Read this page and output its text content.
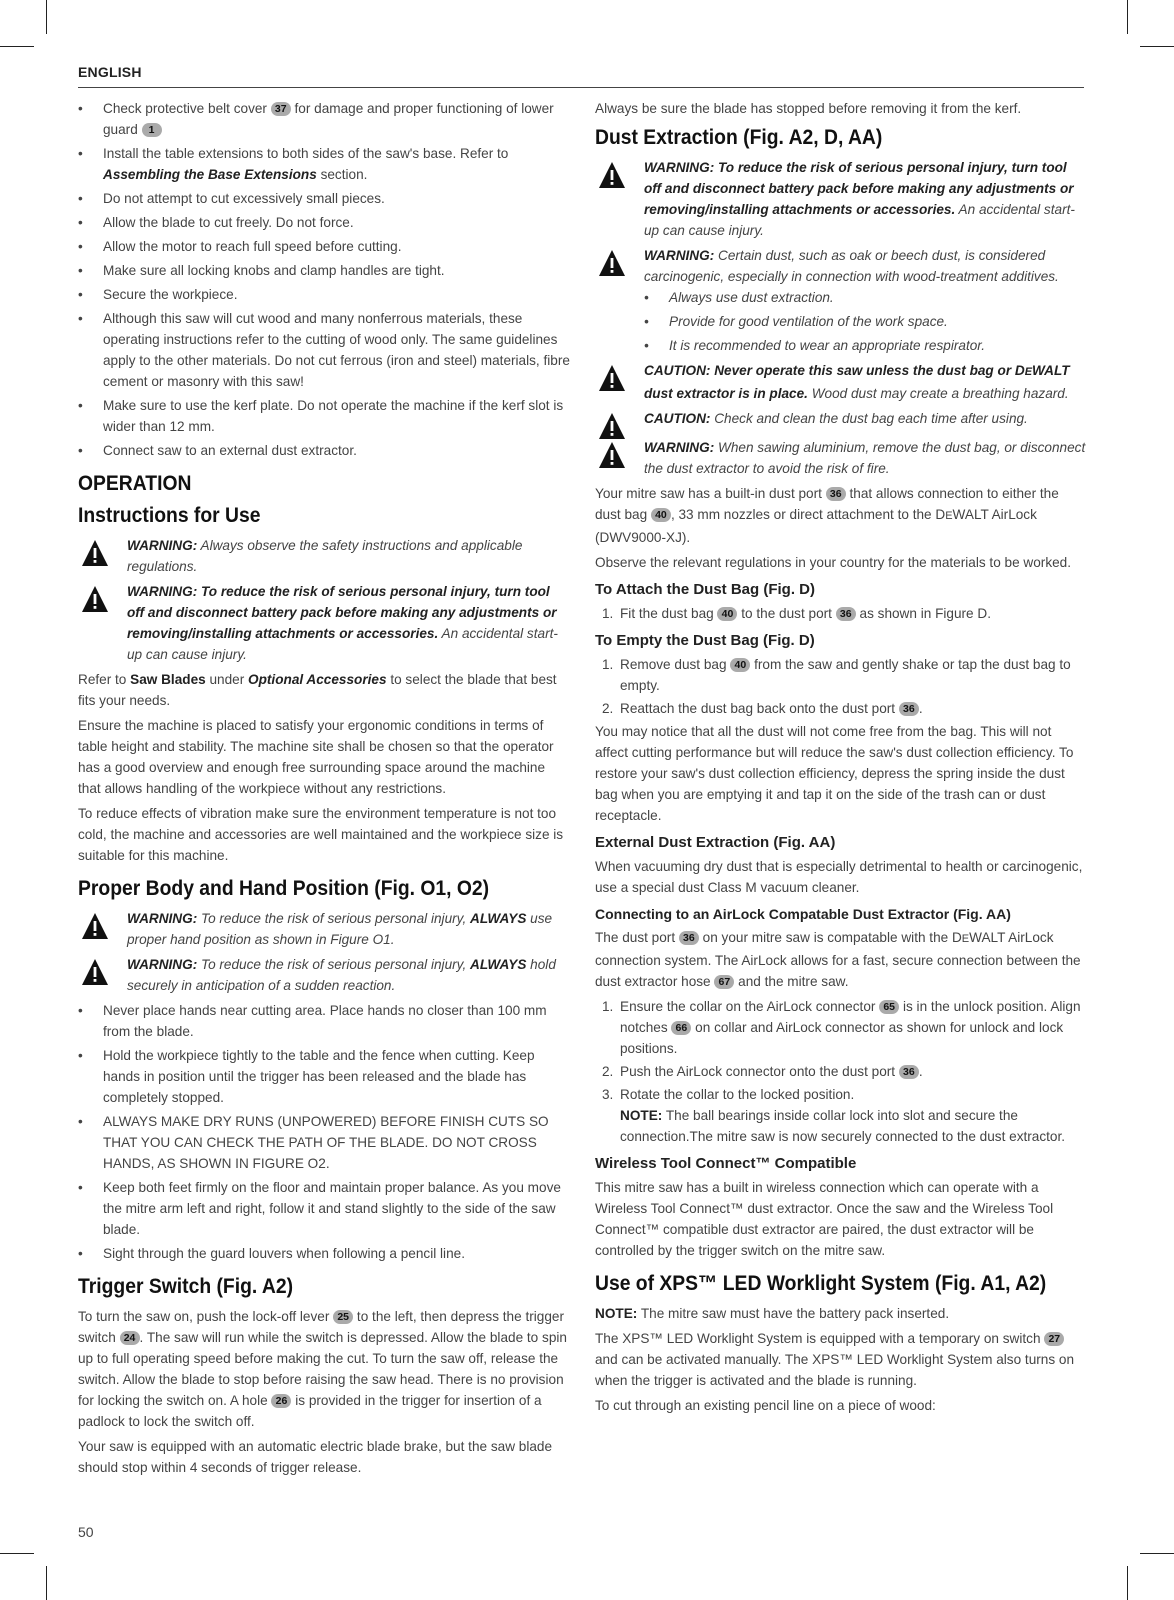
ENGLISH
• Check protective belt cover 37 for damage and proper functioning of lower guard 1
• Install the table extensions to both sides of the saw's base. Refer to Assembling the Base Extensions section.
• Do not attempt to cut excessively small pieces.
• Allow the blade to cut freely. Do not force.
• Allow the motor to reach full speed before cutting.
• Make sure all locking knobs and clamp handles are tight.
• Secure the workpiece.
• Although this saw will cut wood and many nonferrous materials, these operating instructions refer to the cutting of wood only. The same guidelines apply to the other materials. Do not cut ferrous (iron and steel) materials, fibre cement or masonry with this saw!
• Make sure to use the kerf plate. Do not operate the machine if the kerf slot is wider than 12 mm.
• Connect saw to an external dust extractor.
OPERATION
Instructions for Use
WARNING: Always observe the safety instructions and applicable regulations.
WARNING: To reduce the risk of serious personal injury, turn tool off and disconnect battery pack before making any adjustments or removing/installing attachments or accessories. An accidental start-up can cause injury.

Refer to Saw Blades under Optional Accessories to select the blade that best fits your needs.

Ensure the machine is placed to satisfy your ergonomic conditions in terms of table height and stability. The machine site shall be chosen so that the operator has a good overview and enough free surrounding space around the machine that allows handling of the workpiece without any restrictions.

To reduce effects of vibration make sure the environment temperature is not too cold, the machine and accessories are well maintained and the workpiece size is suitable for this machine.

Proper Body and Hand Position (Fig. O1, O2)
WARNING: To reduce the risk of serious personal injury, ALWAYS use proper hand position as shown in Figure O1.
WARNING: To reduce the risk of serious personal injury, ALWAYS hold securely in anticipation of a sudden reaction.
• Never place hands near cutting area. Place hands no closer than 100 mm from the blade.
• Hold the workpiece tightly to the table and the fence when cutting. Keep hands in position until the trigger has been released and the blade has completely stopped.
• ALWAYS MAKE DRY RUNS (UNPOWERED) BEFORE FINISH CUTS SO THAT YOU CAN CHECK THE PATH OF THE BLADE. DO NOT CROSS HANDS, AS SHOWN IN FIGURE O2.
• Keep both feet firmly on the floor and maintain proper balance. As you move the mitre arm left and right, follow it and stand slightly to the side of the saw blade.
• Sight through the guard louvers when following a pencil line.
Trigger Switch (Fig. A2)

To turn the saw on, push the lock-off lever 25 to the left, then depress the trigger switch 24 . The saw will run while the switch is depressed. Allow the blade to spin up to full operating speed before making the cut. To turn the saw off, release the switch. Allow the blade to stop before raising the saw head. There is no provision for locking the switch on. A hole 26 is provided in the trigger for insertion of a padlock to lock the switch off.

Your saw is equipped with an automatic electric blade brake, but the saw blade should stop within 4 seconds of trigger release.

Always be sure the blade has stopped before removing it from the kerf.

Dust Extraction (Fig. A2, D, AA)
WARNING: To reduce the risk of serious personal injury, turn tool off and disconnect battery pack before making any adjustments or removing/installing attachments or accessories. An accidental start-up can cause injury.
WARNING: Certain dust, such as oak or beech dust, is considered carcinogenic, especially in connection with wood-treatment additives.
• Always use dust extraction.
• Provide for good ventilation of the work space.
• It is recommended to wear an appropriate respirator.
CAUTION: Never operate this saw unless the dust bag or DEWALT dust extractor is in place. Wood dust may create a breathing hazard.
CAUTION: Check and clean the dust bag each time after using.
WARNING: When sawing aluminium, remove the dust bag, or disconnect the dust extractor to avoid the risk of fire.

Your mitre saw has a built-in dust port 36 that allows connection to either the dust bag 40 , 33 mm nozzles or direct attachment to the DEWALT AirLock (DWV9000-XJ).

Observe the relevant regulations in your country for the materials to be worked.

To Attach the Dust Bag (Fig. D)
1. Fit the dust bag 40 to the dust port 36 as shown in Figure D.
To Empty the Dust Bag (Fig. D)
1. Remove dust bag 40 from the saw and gently shake or tap the dust bag to empty.
2. Reattach the dust bag back onto the dust port 36 .

You may notice that all the dust will not come free from the bag. This will not affect cutting performance but will reduce the saw's dust collection efficiency. To restore your saw's dust collection efficiency, depress the spring inside the dust bag when you are emptying it and tap it on the side of the trash can or dust receptacle.

External Dust Extraction (Fig. AA)

When vacuuming dry dust that is especially detrimental to health or carcinogenic, use a special dust Class M vacuum cleaner.

Connecting to an AirLock Compatable Dust Extractor (Fig. AA)

The dust port 36 on your mitre saw is compatable with the DEWALT AirLock connection system. The AirLock allows for a fast, secure connection between the dust extractor hose 67 and the mitre saw.

1. Ensure the collar on the AirLock connector 65 is in the unlock position. Align notches 66 on collar and AirLock connector as shown for unlock and lock positions.
2. Push the AirLock connector onto the dust port 36 .
3. Rotate the collar to the locked position.
NOTE: The ball bearings inside collar lock into slot and secure the connection.The mitre saw is now securely connected to the dust extractor.
Wireless Tool Connect™ Compatible

This mitre saw has a built in wireless connection which can operate with a Wireless Tool Connect™ dust extractor. Once the saw and the Wireless Tool Connect™ compatible dust extractor are paired, the dust extractor will be controlled by the trigger switch on the mitre saw.

Use of XPS™ LED Worklight System (Fig. A1, A2)

NOTE: The mitre saw must have the battery pack inserted.

The XPS™ LED Worklight System is equipped with a temporary on switch 27 and can be activated manually. The XPS™ LED Worklight System also turns on when the trigger is activated and the blade is running.

To cut through an existing pencil line on a piece of wood:

50
